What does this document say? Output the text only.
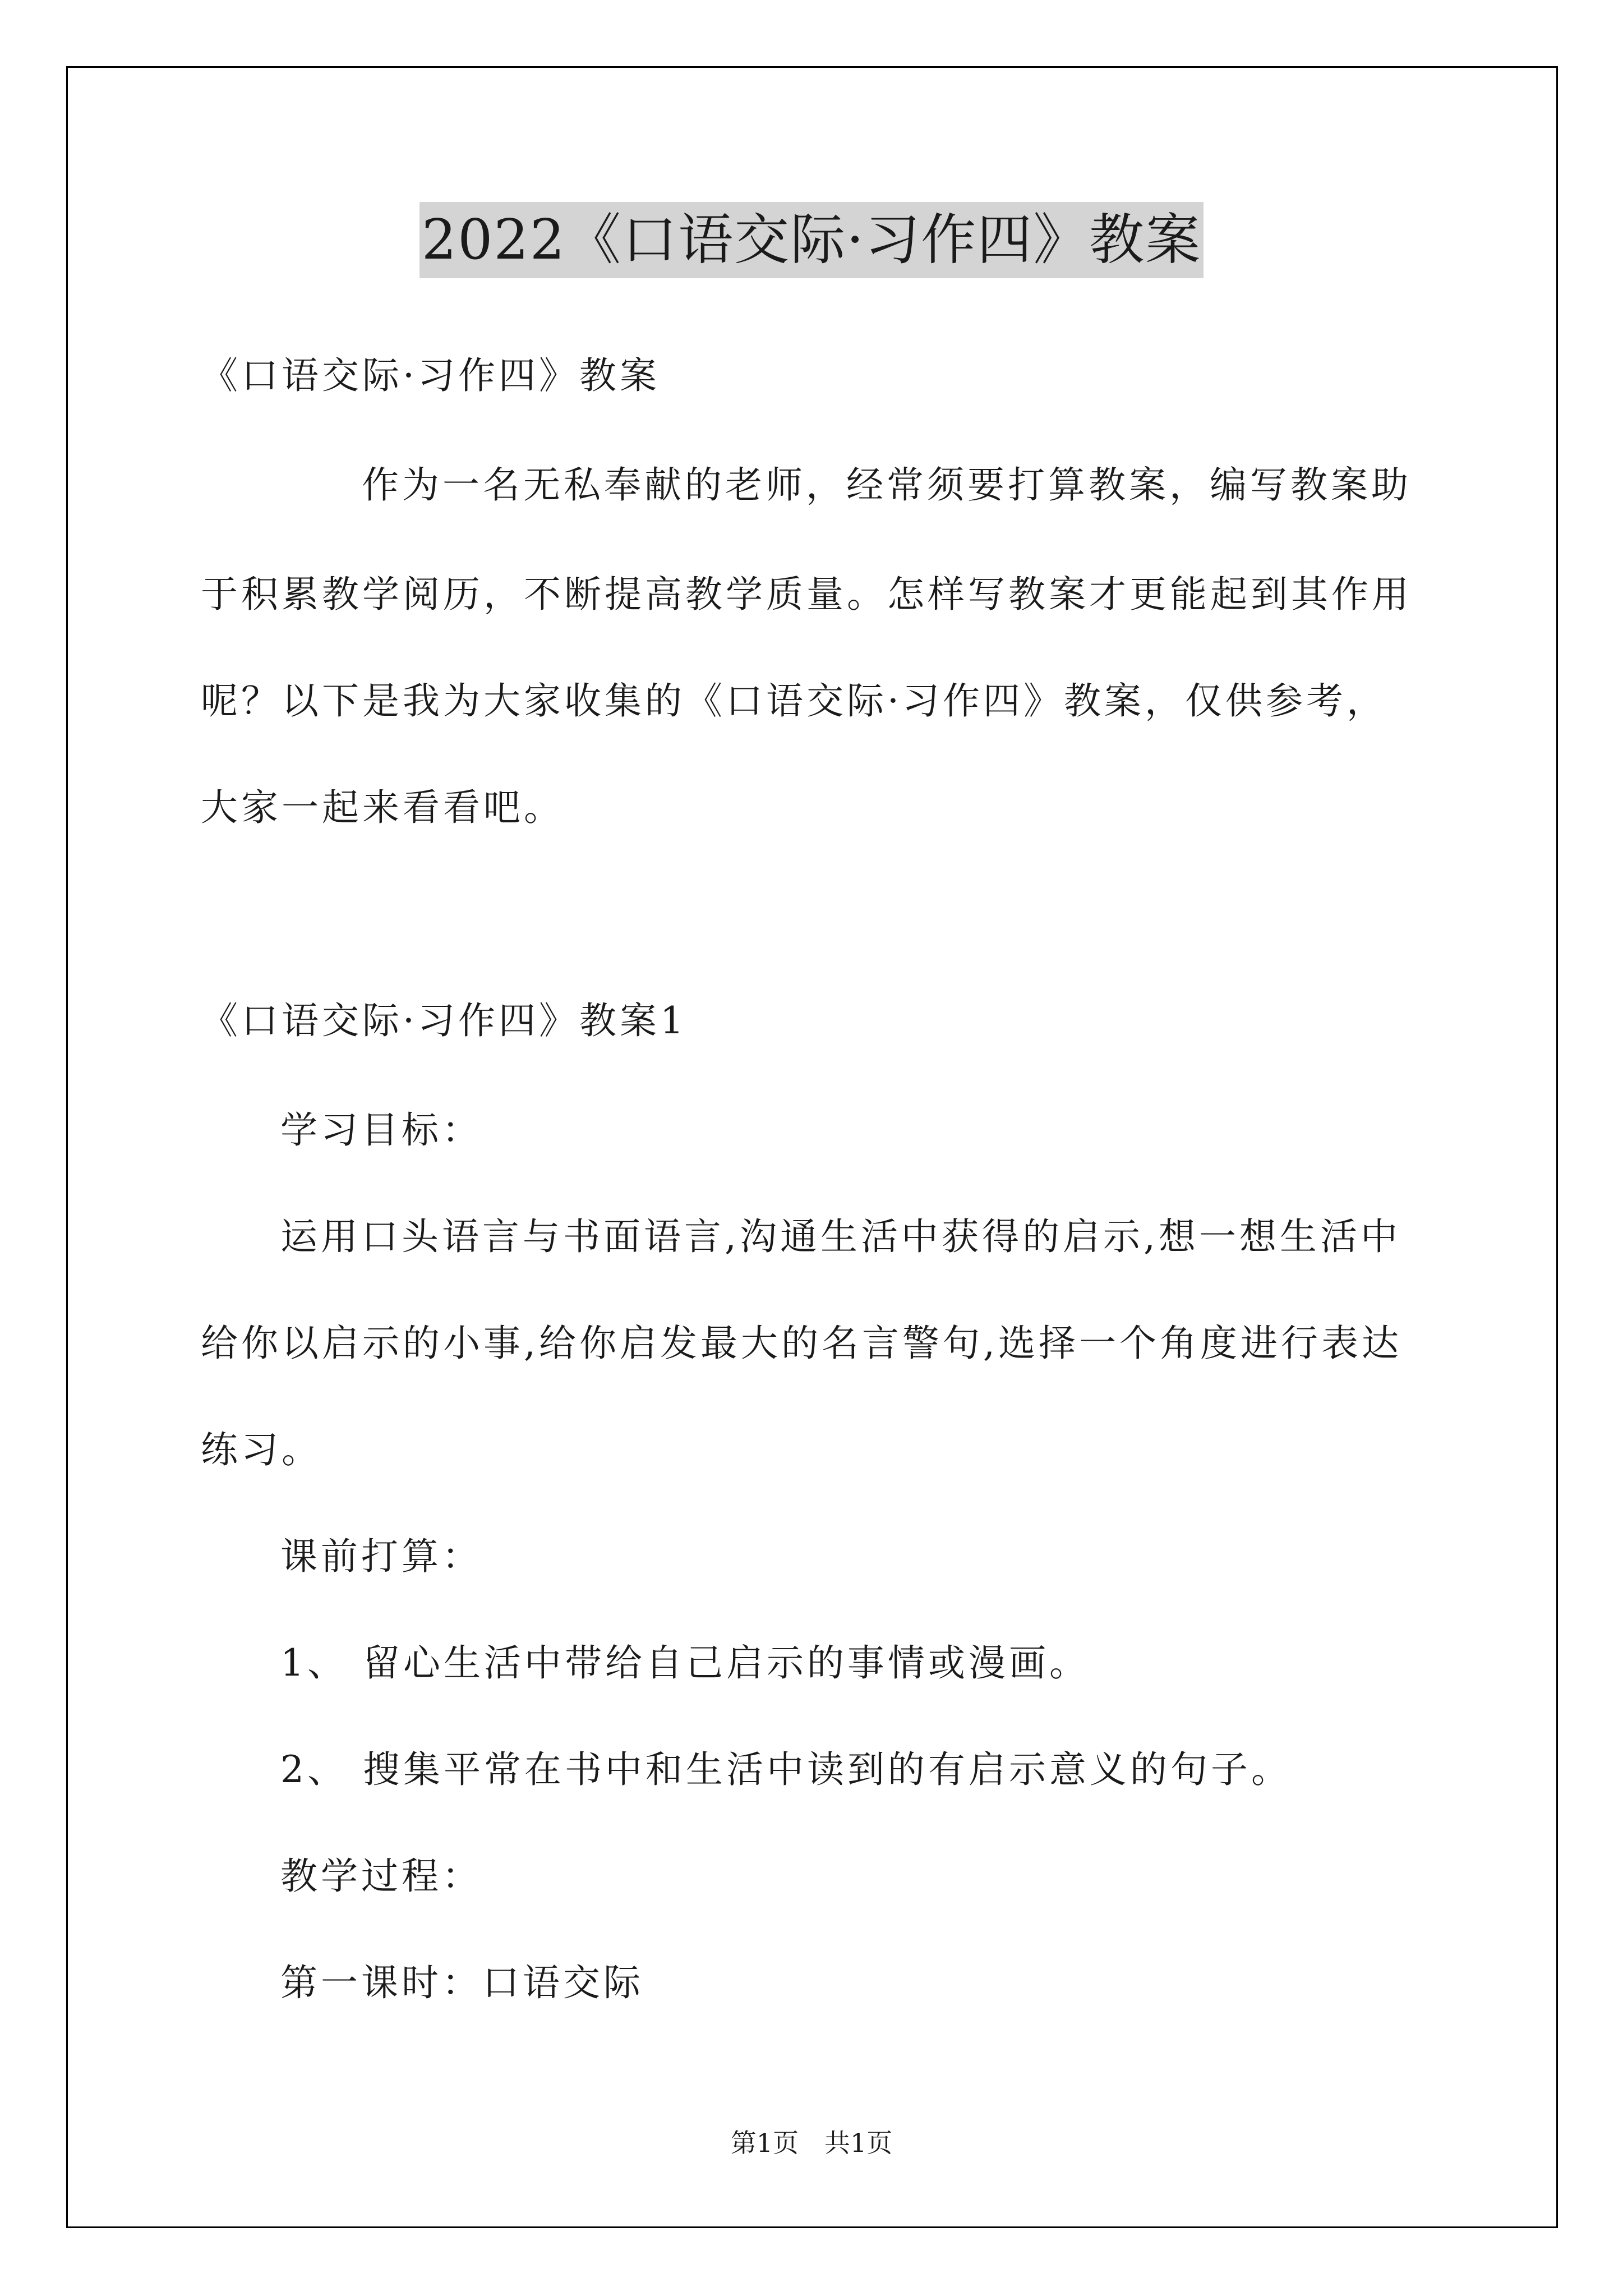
2022《口语交际·习作四》教案
《口语交际·习作四》教案
作为一名无私奉献的老师，经常须要打算教案，编写教案助
于积累教学阅历，不断提高教学质量。怎样写教案才更能起到其作用
呢？以下是我为大家收集的《口语交际·习作四》教案，仅供参考，
大家一起来看看吧。
《口语交际·习作四》教案1
学习目标：
运用口头语言与书面语言,沟通生活中获得的启示,想一想生活中
给你以启示的小事,给你启发最大的名言警句,选择一个角度进行表达
练习。
课前打算：
1、 留心生活中带给自己启示的事情或漫画。
2、 搜集平常在书中和生活中读到的有启示意义的句子。
教学过程：
第一课时：口语交际
第1页　共1页
